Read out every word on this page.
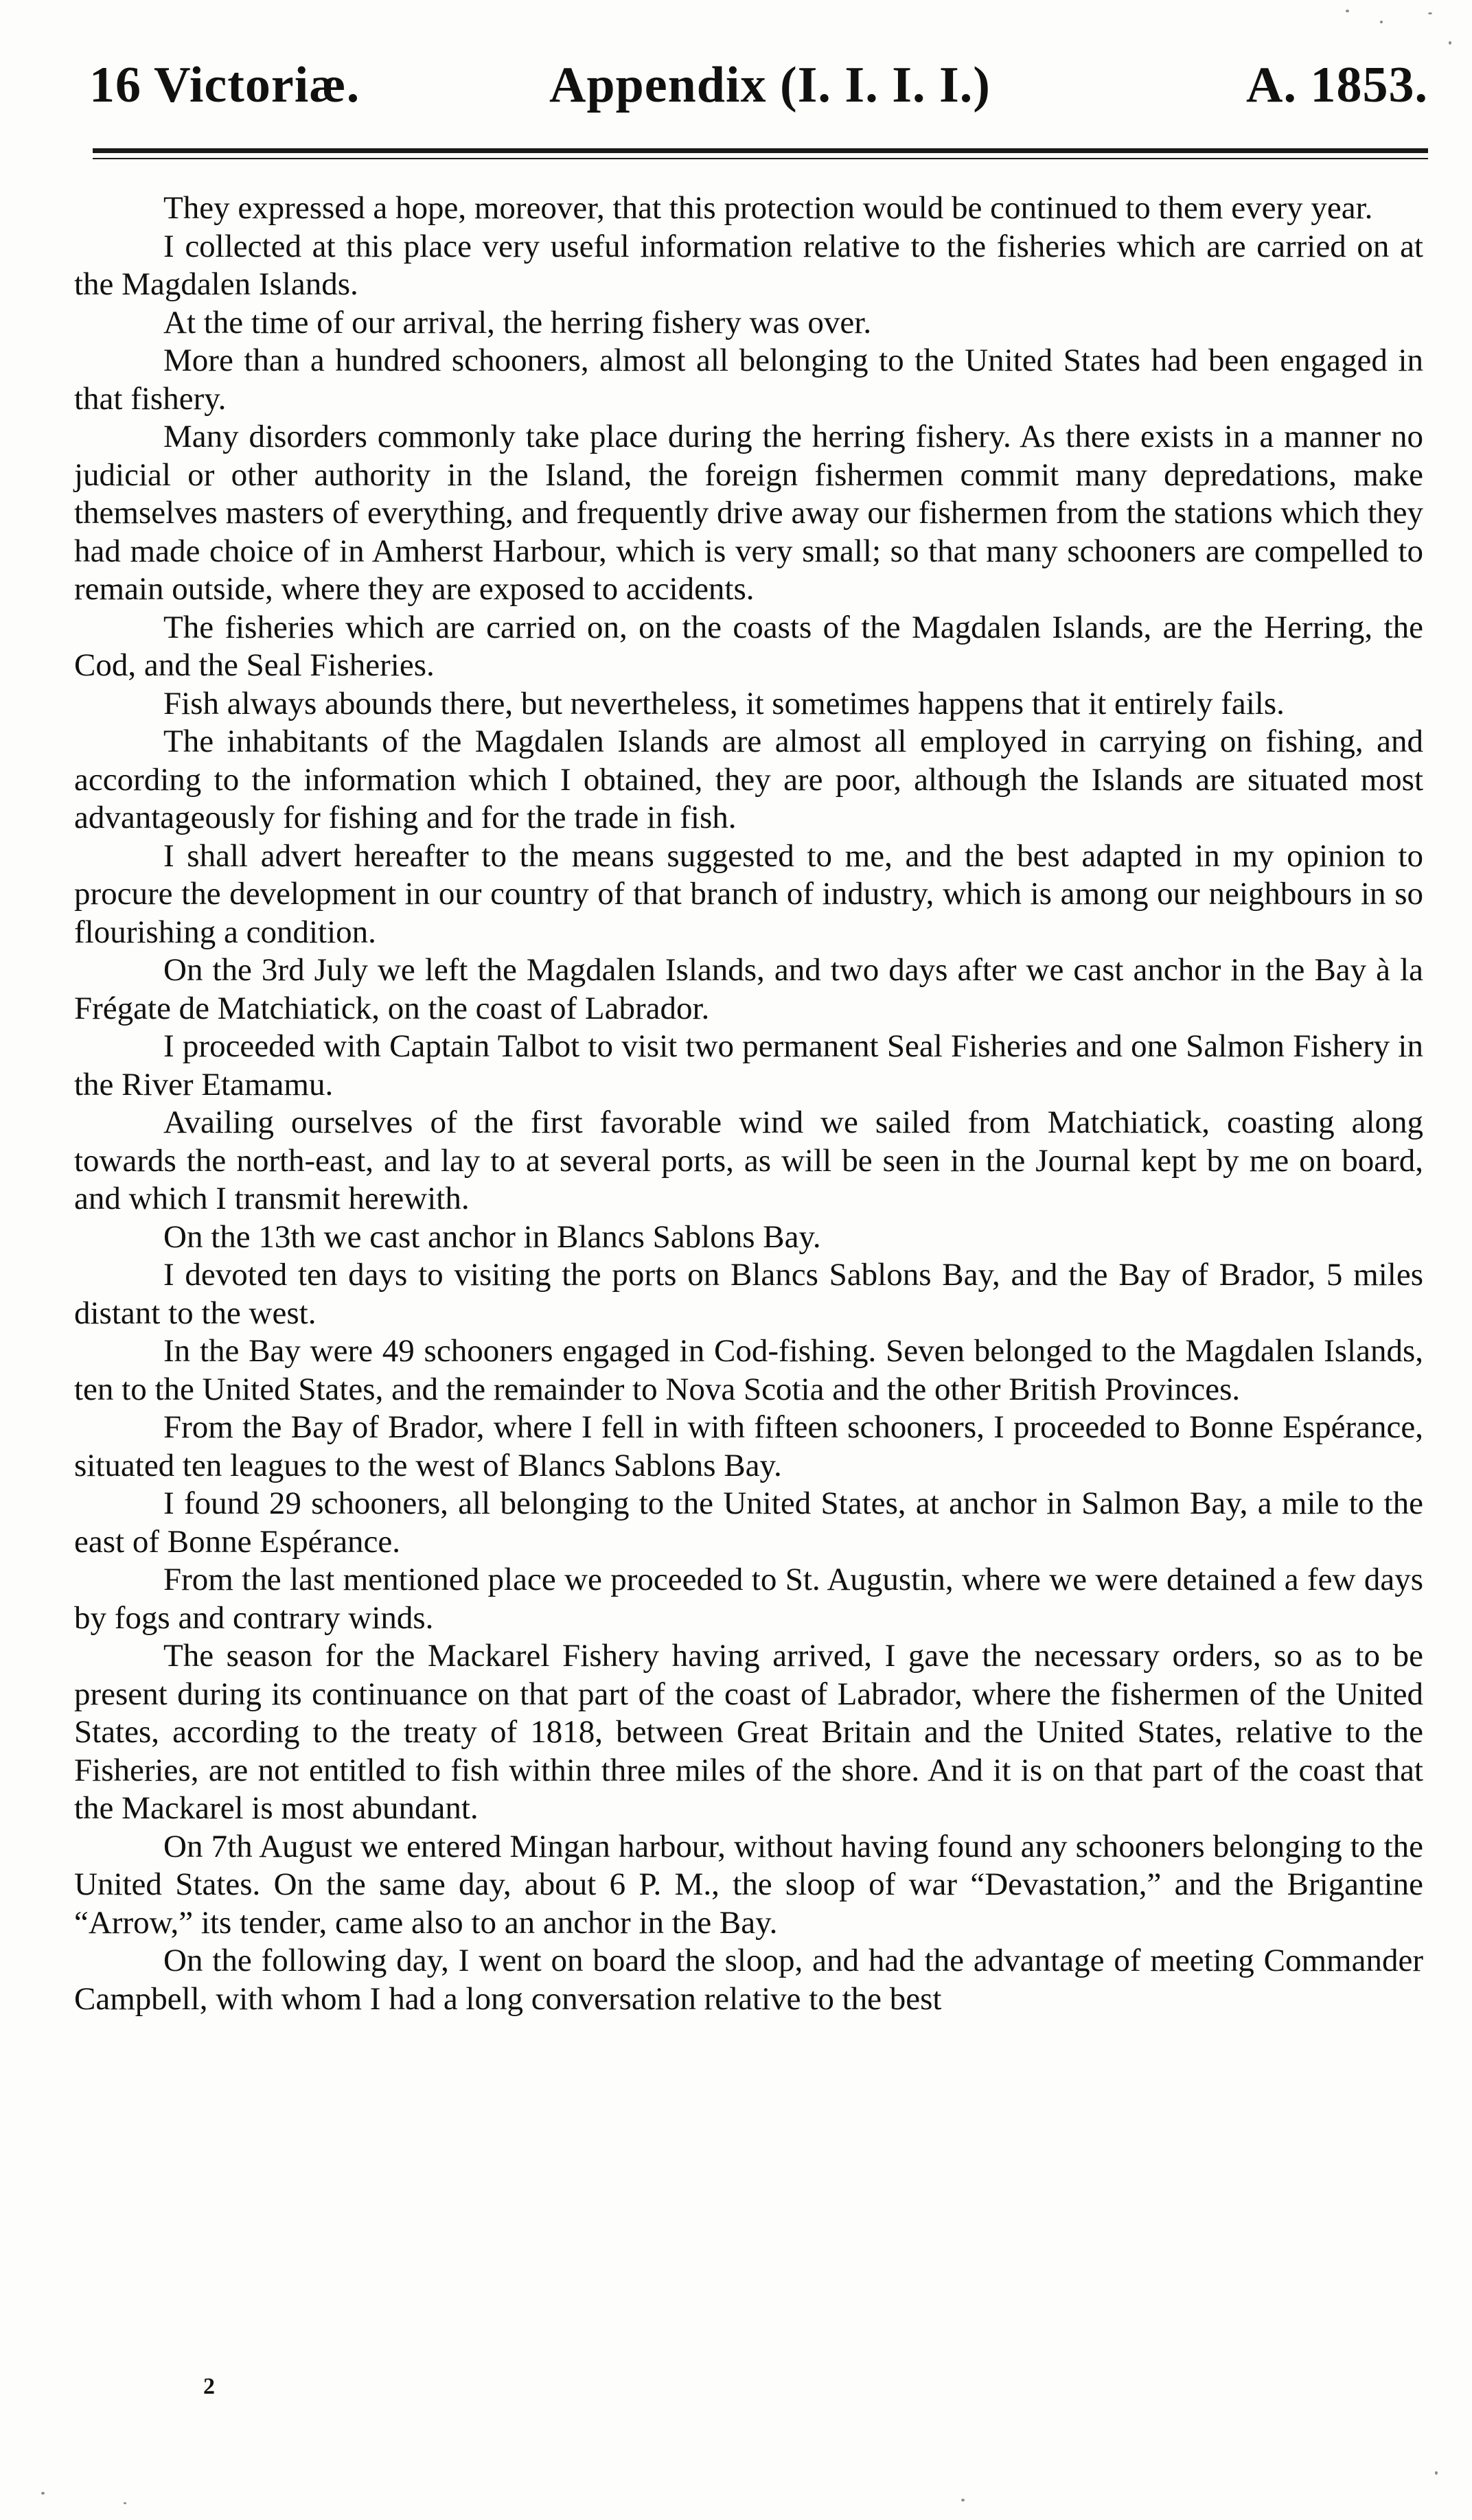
16 Victoriæ.	Appendix (I. I. I. I.)	A. 1853.

They expressed a hope, moreover, that this protection would be continued to them every year.

I collected at this place very useful information relative to the fisheries which are carried on at the Magdalen Islands.

At the time of our arrival, the herring fishery was over.

More than a hundred schooners, almost all belonging to the United States had been engaged in that fishery.

Many disorders commonly take place during the herring fishery. As there exists in a manner no judicial or other authority in the Island, the foreign fishermen commit many depredations, make themselves masters of everything, and frequently drive away our fishermen from the stations which they had made choice of in Amherst Harbour, which is very small; so that many schooners are compelled to remain outside, where they are exposed to accidents.

The fisheries which are carried on, on the coasts of the Magdalen Islands, are the Herring, the Cod, and the Seal Fisheries.

Fish always abounds there, but nevertheless, it sometimes happens that it entirely fails.

The inhabitants of the Magdalen Islands are almost all employed in carrying on fishing, and according to the information which I obtained, they are poor, although the Islands are situated most advantageously for fishing and for the trade in fish.

I shall advert hereafter to the means suggested to me, and the best adapted in my opinion to procure the development in our country of that branch of industry, which is among our neighbours in so flourishing a condition.

On the 3rd July we left the Magdalen Islands, and two days after we cast anchor in the Bay à la Frégate de Matchiatick, on the coast of Labrador.

I proceeded with Captain Talbot to visit two permanent Seal Fisheries and one Salmon Fishery in the River Etamamu.

Availing ourselves of the first favorable wind we sailed from Matchiatick, coasting along towards the north-east, and lay to at several ports, as will be seen in the Journal kept by me on board, and which I transmit herewith.

On the 13th we cast anchor in Blancs Sablons Bay.

I devoted ten days to visiting the ports on Blancs Sablons Bay, and the Bay of Brador, 5 miles distant to the west.

In the Bay were 49 schooners engaged in Cod-fishing. Seven belonged to the Magdalen Islands, ten to the United States, and the remainder to Nova Scotia and the other British Provinces.

From the Bay of Brador, where I fell in with fifteen schooners, I proceeded to Bonne Espérance, situated ten leagues to the west of Blancs Sablons Bay.

I found 29 schooners, all belonging to the United States, at anchor in Salmon Bay, a mile to the east of Bonne Espérance.

From the last mentioned place we proceeded to St. Augustin, where we were detained a few days by fogs and contrary winds.

The season for the Mackarel Fishery having arrived, I gave the necessary orders, so as to be present during its continuance on that part of the coast of Labrador, where the fishermen of the United States, according to the treaty of 1818, between Great Britain and the United States, relative to the Fisheries, are not entitled to fish within three miles of the shore. And it is on that part of the coast that the Mackarel is most abundant.

On 7th August we entered Mingan harbour, without having found any schooners belonging to the United States. On the same day, about 6 P. M., the sloop of war “Devastation,” and the Brigantine “Arrow,” its tender, came also to an anchor in the Bay.

On the following day, I went on board the sloop, and had the advantage of meeting Commander Campbell, with whom I had a long conversation relative to the best

2
